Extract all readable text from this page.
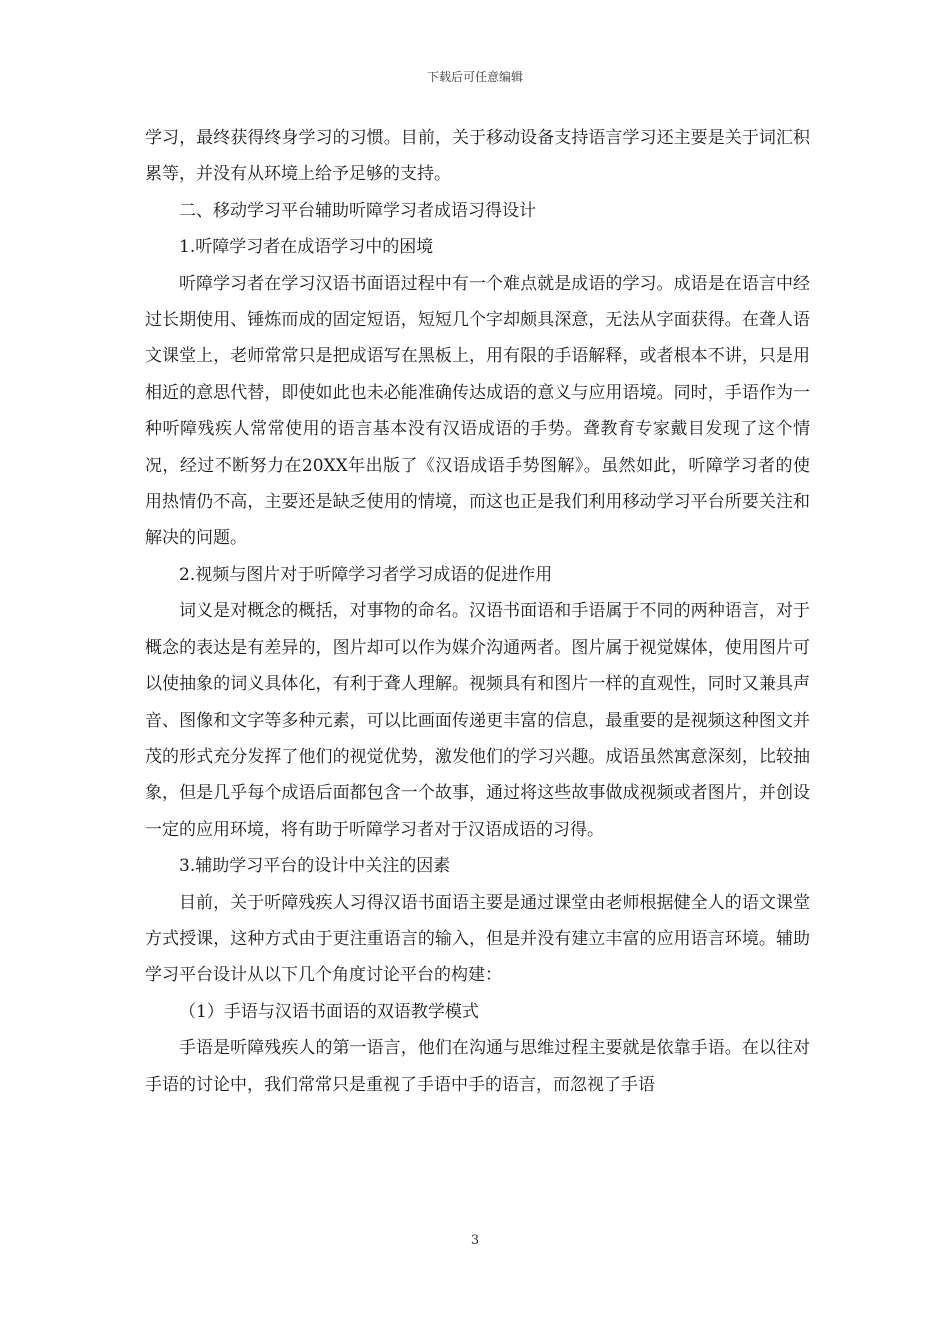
下载后可任意编辑

学习，最终获得终身学习的习惯。目前，关于移动设备支持语言学习还主要是关于词汇积累等，并没有从环境上给予足够的支持。

二、移动学习平台辅助听障学习者成语习得设计

1.听障学习者在成语学习中的困境

听障学习者在学习汉语书面语过程中有一个难点就是成语的学习。成语是在语言中经过长期使用、锤炼而成的固定短语，短短几个字却颇具深意，无法从字面获得。在聋人语文课堂上，老师常常只是把成语写在黑板上，用有限的手语解释，或者根本不讲，只是用相近的意思代替，即使如此也未必能准确传达成语的意义与应用语境。同时，手语作为一种听障残疾人常常使用的语言基本没有汉语成语的手势。聋教育专家戴目发现了这个情况，经过不断努力在20XX年出版了《汉语成语手势图解》。虽然如此，听障学习者的使用热情仍不高，主要还是缺乏使用的情境，而这也正是我们利用移动学习平台所要关注和解决的问题。

2.视频与图片对于听障学习者学习成语的促进作用

词义是对概念的概括，对事物的命名。汉语书面语和手语属于不同的两种语言，对于概念的表达是有差异的，图片却可以作为媒介沟通两者。图片属于视觉媒体，使用图片可以使抽象的词义具体化，有利于聋人理解。视频具有和图片一样的直观性，同时又兼具声音、图像和文字等多种元素，可以比画面传递更丰富的信息，最重要的是视频这种图文并茂的形式充分发挥了他们的视觉优势，激发他们的学习兴趣。成语虽然寓意深刻，比较抽象，但是几乎每个成语后面都包含一个故事，通过将这些故事做成视频或者图片，并创设一定的应用环境，将有助于听障学习者对于汉语成语的习得。

3.辅助学习平台的设计中关注的因素

目前，关于听障残疾人习得汉语书面语主要是通过课堂由老师根据健全人的语文课堂方式授课，这种方式由于更注重语言的输入，但是并没有建立丰富的应用语言环境。辅助学习平台设计从以下几个角度讨论平台的构建：

（1）手语与汉语书面语的双语教学模式

手语是听障残疾人的第一语言，他们在沟通与思维过程主要就是依靠手语。在以往对手语的讨论中，我们常常只是重视了手语中手的语言，而忽视了手语

3
